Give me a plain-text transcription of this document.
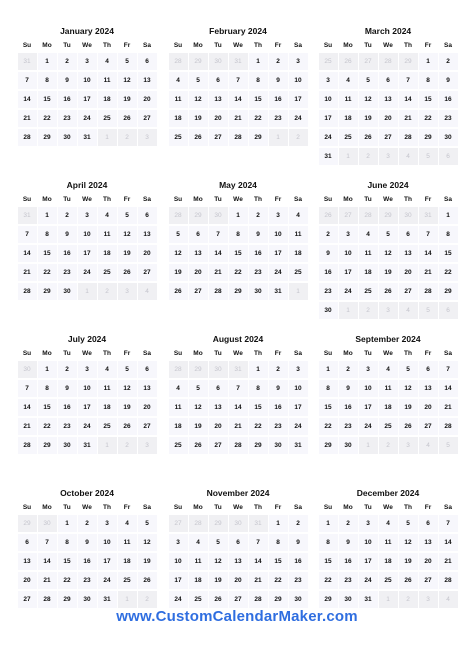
January 2024
Su	Mo	Tu	We	Th	Fr	Sa
31	1	2	3	4	5	6
7	8	9	10	11	12	13
14	15	16	17	18	19	20
21	22	23	24	25	26	27
28	29	30	31	1	2	3
February 2024
Su	Mo	Tu	We	Th	Fr	Sa
28	29	30	31	1	2	3
4	5	6	7	8	9	10
11	12	13	14	15	16	17
18	19	20	21	22	23	24
25	26	27	28	29	1	2
March 2024
Su	Mo	Tu	We	Th	Fr	Sa
25	26	27	28	29	1	2
3	4	5	6	7	8	9
10	11	12	13	14	15	16
17	18	19	20	21	22	23
24	25	26	27	28	29	30
31	1	2	3	4	5	6
April 2024
Su	Mo	Tu	We	Th	Fr	Sa
31	1	2	3	4	5	6
7	8	9	10	11	12	13
14	15	16	17	18	19	20
21	22	23	24	25	26	27
28	29	30	1	2	3	4
May 2024
Su	Mo	Tu	We	Th	Fr	Sa
28	29	30	1	2	3	4
5	6	7	8	9	10	11
12	13	14	15	16	17	18
19	20	21	22	23	24	25
26	27	28	29	30	31	1
June 2024
Su	Mo	Tu	We	Th	Fr	Sa
26	27	28	29	30	31	1
2	3	4	5	6	7	8
9	10	11	12	13	14	15
16	17	18	19	20	21	22
23	24	25	26	27	28	29
30	1	2	3	4	5	6
July 2024
Su	Mo	Tu	We	Th	Fr	Sa
30	1	2	3	4	5	6
7	8	9	10	11	12	13
14	15	16	17	18	19	20
21	22	23	24	25	26	27
28	29	30	31	1	2	3
August 2024
Su	Mo	Tu	We	Th	Fr	Sa
28	29	30	31	1	2	3
4	5	6	7	8	9	10
11	12	13	14	15	16	17
18	19	20	21	22	23	24
25	26	27	28	29	30	31
September 2024
Su	Mo	Tu	We	Th	Fr	Sa
1	2	3	4	5	6	7
8	9	10	11	12	13	14
15	16	17	18	19	20	21
22	23	24	25	26	27	28
29	30	1	2	3	4	5
October 2024
Su	Mo	Tu	We	Th	Fr	Sa
29	30	1	2	3	4	5
6	7	8	9	10	11	12
13	14	15	16	17	18	19
20	21	22	23	24	25	26
27	28	29	30	31	1	2
November 2024
Su	Mo	Tu	We	Th	Fr	Sa
27	28	29	30	31	1	2
3	4	5	6	7	8	9
10	11	12	13	14	15	16
17	18	19	20	21	22	23
24	25	26	27	28	29	30
December 2024
Su	Mo	Tu	We	Th	Fr	Sa
1	2	3	4	5	6	7
8	9	10	11	12	13	14
15	16	17	18	19	20	21
22	23	24	25	26	27	28
29	30	31	1	2	3	4
www.CustomCalendarMaker.com
